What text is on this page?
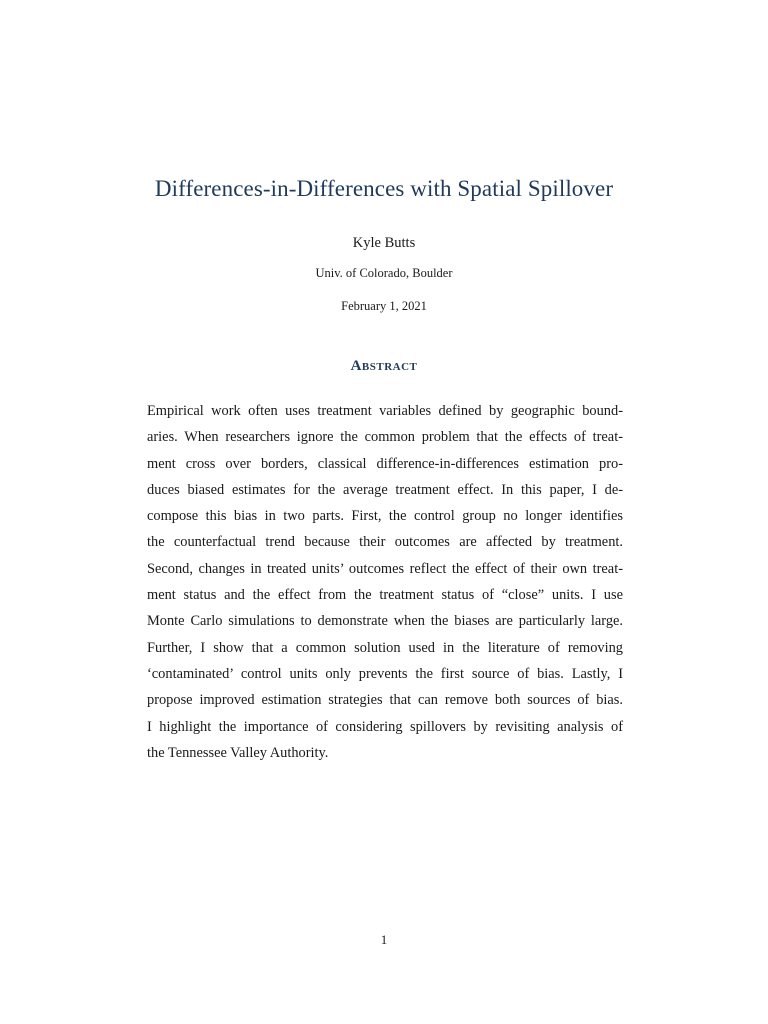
Differences-in-Differences with Spatial Spillover
Kyle Butts
Univ. of Colorado, Boulder
February 1, 2021
Abstract
Empirical work often uses treatment variables defined by geographic bound-
aries. When researchers ignore the common problem that the effects of treat-
ment cross over borders, classical difference-in-differences estimation pro-
duces biased estimates for the average treatment effect. In this paper, I de-
compose this bias in two parts. First, the control group no longer identifies
the counterfactual trend because their outcomes are affected by treatment.
Second, changes in treated units’ outcomes reflect the effect of their own treat-
ment status and the effect from the treatment status of “close” units. I use
Monte Carlo simulations to demonstrate when the biases are particularly large.
Further, I show that a common solution used in the literature of removing
‘contaminated’ control units only prevents the first source of bias. Lastly, I
propose improved estimation strategies that can remove both sources of bias.
I highlight the importance of considering spillovers by revisiting analysis of
the Tennessee Valley Authority.
1
